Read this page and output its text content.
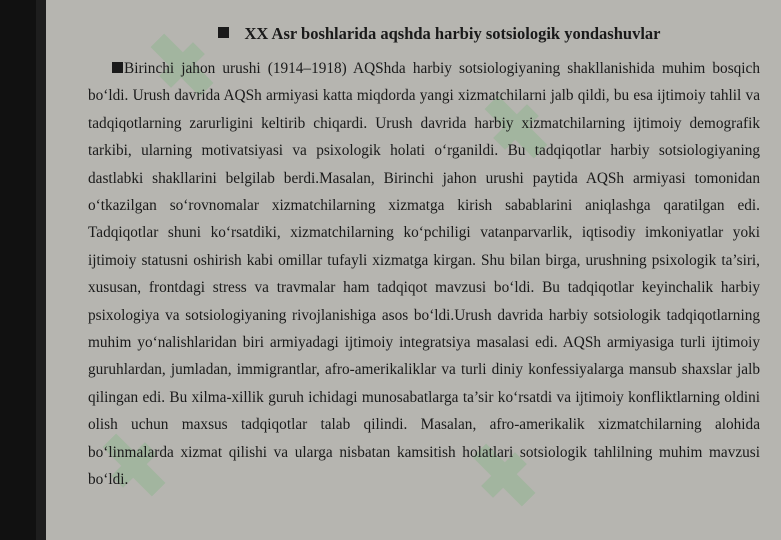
XX Asr boshlarida aqshda harbiy sotsiologik yondashuvlar

Birinchi jahon urushi (1914–1918) AQShda harbiy sotsiologiyaning shakllanishida muhim bosqich bo‘ldi. Urush davrida AQSh armiyasi katta miqdorda yangi xizmatchilarni jalb qildi, bu esa ijtimoiy tahlil va tadqiqotlarning zarurligini keltirib chiqardi. Urush davrida harbiy xizmatchilarning ijtimoiy demografik tarkibi, ularning motivatsiyasi va psixologik holati o‘rganildi. Bu tadqiqotlar harbiy sotsiologiyaning dastlabki shakllarini belgilab berdi.Masalan, Birinchi jahon urushi paytida AQSh armiyasi tomonidan o‘tkazilgan so‘rovnomalar xizmatchilarning xizmatga kirish sabablarini aniqlashga qaratilgan edi. Tadqiqotlar shuni ko‘rsatdiki, xizmatchilarning ko‘pchiligi vatanparvarlik, iqtisodiy imkoniyatlar yoki ijtimoiy statusni oshirish kabi omillar tufayli xizmatga kirgan. Shu bilan birga, urushning psixologik ta’siri, xususan, frontdagi stress va travmalar ham tadqiqot mavzusi bo‘ldi. Bu tadqiqotlar keyinchalik harbiy psixologiya va sotsiologiyaning rivojlanishiga asos bo‘ldi.Urush davrida harbiy sotsiologik tadqiqotlarning muhim yo‘nalishlaridan biri armiyadagi ijtimoiy integratsiya masalasi edi. AQSh armiyasiga turli ijtimoiy guruhlardan, jumladan, immigrantlar, afro-amerikaliklar va turli diniy konfessiyalarga mansub shaxslar jalb qilingan edi. Bu xilma-xillik guruh ichidagi munosabatlarga ta’sir ko‘rsatdi va ijtimoiy konfliktlarning oldini olish uchun maxsus tadqiqotlar talab qilindi. Masalan, afro-amerikalik xizmatchilarning alohida bo‘linmalarda xizmat qilishi va ularga nisbatan kamsitish holatlari sotsiologik tahlilning muhim mavzusi bo‘ldi.
